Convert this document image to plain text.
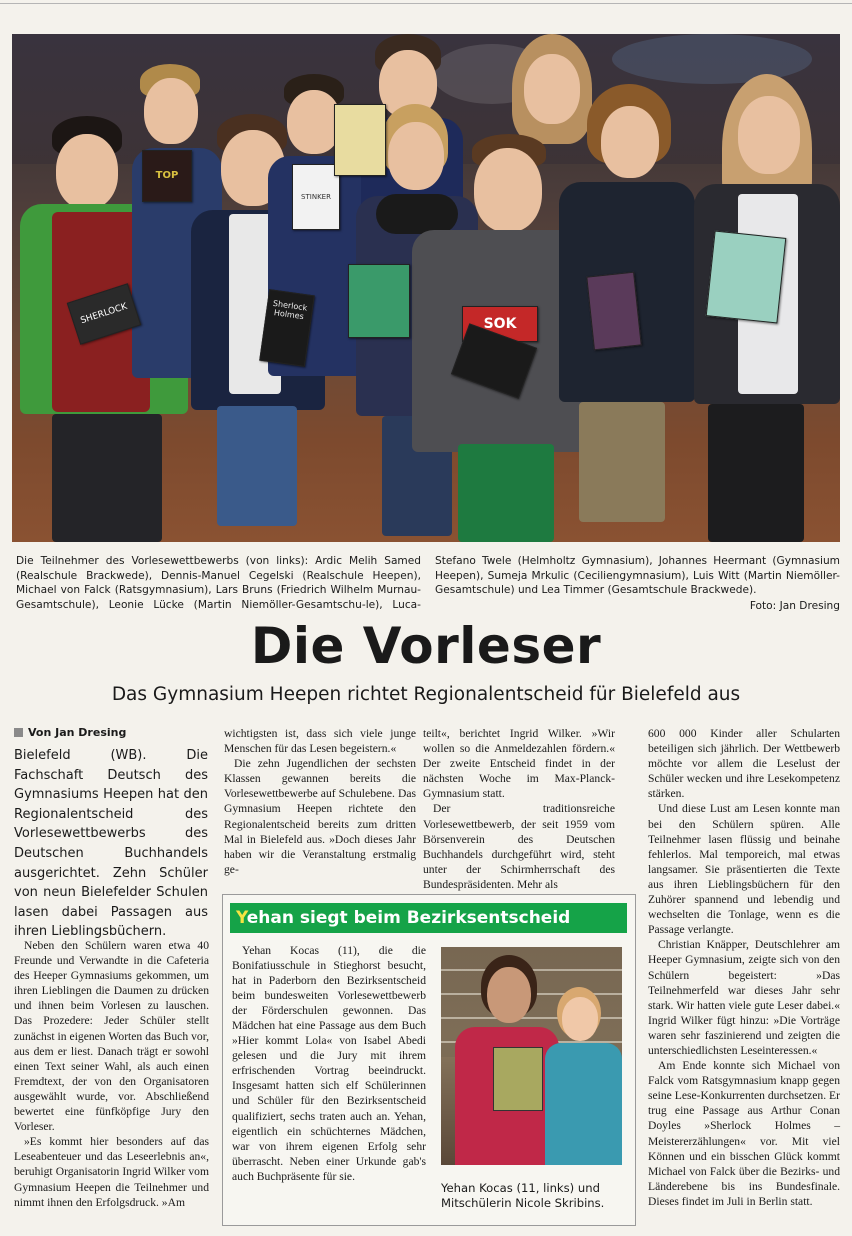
SHERLOCK
TOP
Sherlock Holmes
STINKER
SOK
Die Teilnehmer des Vorlesewettbewerbs (von links): Ardic Melih Samed (Realschule Brackwede), Dennis-Manuel Cegelski (Realschule Heepen), Michael von Falck (Ratsgymnasium), Lars Bruns (Friedrich Wilhelm Murnau-Gesamtschule), Leonie Lücke (Martin Niemöller-Gesamtschu-le), Luca-Stefano Twele (Helmholtz Gymnasium), Johannes Heermant (Gymnasium Heepen), Sumeja Mrkulic (Ceciliengymnasium), Luis Witt (Martin Niemöller-Gesamtschule) und Lea Timmer (Gesamtschule Brackwede).
Foto: Jan Dresing
Die Vorleser
Das Gymnasium Heepen richtet Regionalentscheid für Bielefeld aus
Von Jan Dresing
Bielefeld (WB). Die Fachschaft Deutsch des Gymnasiums Heepen hat den Regionalentscheid des Vorlesewettbewerbs des Deutschen Buchhandels ausgerichtet. Zehn Schüler von neun Bielefelder Schulen lasen dabei Passagen aus ihren Lieblingsbüchern.

Neben den Schülern waren etwa 40 Freunde und Verwandte in die Cafeteria des Heeper Gymnasiums gekommen, um ihren Lieblingen die Daumen zu drücken und ihnen beim Vorlesen zu lauschen. Das Prozedere: Jeder Schüler stellt zunächst in eigenen Worten das Buch vor, aus dem er liest. Danach trägt er sowohl einen Text seiner Wahl, als auch einen Fremdtext, der von den Organisatoren ausgewählt wurde, vor. Abschließend bewertet eine fünfköpfige Jury den Vorleser.

»Es kommt hier besonders auf das Leseabenteuer und das Leseerlebnis an«, beruhigt Organisatorin Ingrid Wilker vom Gymnasium Heepen die Teilnehmer und nimmt ihnen den Erfolgsdruck. »Am

wichtigsten ist, dass sich viele junge Menschen für das Lesen begeistern.«

Die zehn Jugendlichen der sechsten Klassen gewannen bereits die Vorlesewettbewerbe auf Schulebene. Das Gymnasium Heepen richtete den Regionalentscheid bereits zum dritten Mal in Bielefeld aus. »Doch dieses Jahr haben wir die Veranstaltung erstmalig ge-

teilt«, berichtet Ingrid Wilker. »Wir wollen so die Anmeldezahlen fördern.« Der zweite Entscheid findet in der nächsten Woche im Max-Planck-Gymnasium statt.

Der traditionsreiche Vorlesewettbewerb, der seit 1959 vom Börsenverein des Deutschen Buchhandels durchgeführt wird, steht unter der Schirmherrschaft des Bundespräsidenten. Mehr als

600 000 Kinder aller Schularten beteiligen sich jährlich. Der Wettbewerb möchte vor allem die Leselust der Schüler wecken und ihre Lesekompetenz stärken.

Und diese Lust am Lesen konnte man bei den Schülern spüren. Alle Teilnehmer lasen flüssig und beinahe fehlerlos. Mal temporeich, mal etwas langsamer. Sie präsentierten die Texte aus ihren Lieblingsbüchern für den Zuhörer spannend und lebendig und wechselten die Tonlage, wenn es die Passage verlangte.

Christian Knäpper, Deutschlehrer am Heeper Gymnasium, zeigte sich von den Schülern begeistert: »Das Teilnehmerfeld war dieses Jahr sehr stark. Wir hatten viele gute Leser dabei.« Ingrid Wilker fügt hinzu: »Die Vorträge waren sehr faszinierend und zeigten die unterschiedlichsten Leseinteressen.«

Am Ende konnte sich Michael von Falck vom Ratsgymnasium knapp gegen seine Lese-Konkurrenten durchsetzen. Er trug eine Passage aus Arthur Conan Doyles »Sherlock Holmes – Meistererzählungen« vor. Mit viel Können und ein bisschen Glück kommt Michael von Falck über die Bezirks- und Länderebene bis ins Bundesfinale. Dieses findet im Juli in Berlin statt.

Yehan siegt beim Bezirksentscheid

Yehan Kocas (11), die die Bonifatiusschule in Stieghorst besucht, hat in Paderborn den Bezirksentscheid beim bundesweiten Vorlesewettbewerb der Förderschulen gewonnen. Das Mädchen hat eine Passage aus dem Buch »Hier kommt Lola« von Isabel Abedi gelesen und die Jury mit ihrem erfrischenden Vortrag beeindruckt. Insgesamt hatten sich elf Schülerinnen und Schüler für den Bezirksentscheid qualifiziert, sechs traten auch an. Yehan, eigentlich ein schüchternes Mädchen, war von ihrem eigenen Erfolg sehr überrascht. Neben einer Urkunde gab's auch Buchpräsente für sie.

Yehan Kocas (11, links) und Mitschülerin Nicole Skribins.
